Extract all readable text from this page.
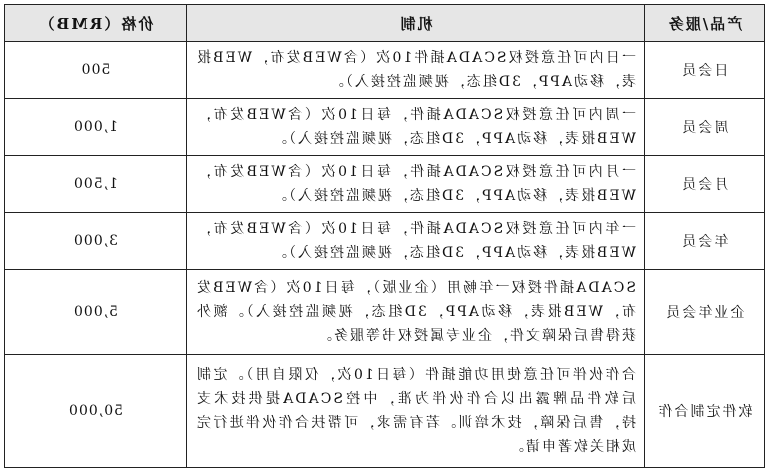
产品/服务	机制	价格（RMB）
日会员	一日内可任意授权SCADA插件10次（含WEB发布，WEB报表，移动APP，3D组态，视频监控接入）。	500
周会员	一周内可任意授权SCADA插件，每日10次（含WEB发布，WEB报表，移动APP，3D组态，视频监控接入）。	1,000
月会员	一月内可任意授权SCADA插件，每日10次（含WEB发布，WEB报表，移动APP，3D组态，视频监控接入）。	1,500
年会员	一年内可任意授权SCADA插件，每日10次（含WEB发布，WEB报表，移动APP，3D组态，视频监控接入）。	3,000
企业年会员	SCADA插件授权一年畅用（企业版），每日10次（含WEB发布，WEB报表，移动APP，3D组态，视频监控接入）。额外获得售后保障文件，企业专属授权书等服务。	5,000
软件定制合作	合作伙伴可任意使用功能插件（每日10次，仅限自用）。定制后软件品牌露出以合作伙伴为准，中控SCADA提供技术支持，售后保障，技术培训。若有需求，可帮扶合作伙伴进行完成相关软著申请。	50,000
